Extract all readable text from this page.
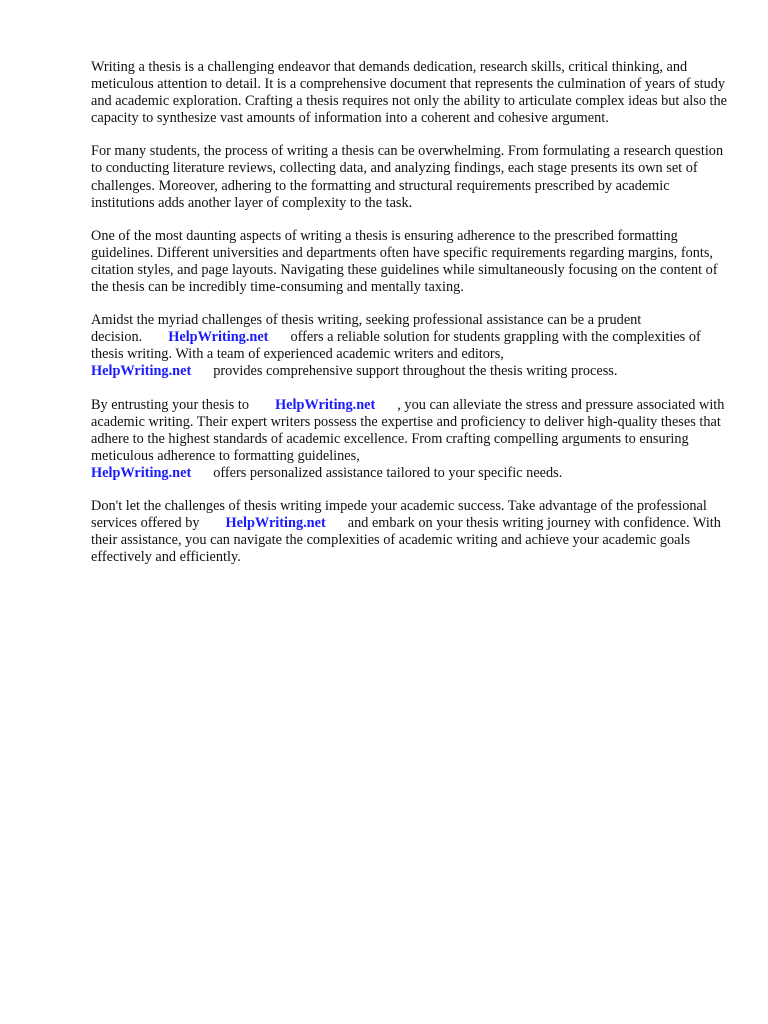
Writing a thesis is a challenging endeavor that demands dedication, research skills, critical thinking, and meticulous attention to detail. It is a comprehensive document that represents the culmination of years of study and academic exploration. Crafting a thesis requires not only the ability to articulate complex ideas but also the capacity to synthesize vast amounts of information into a coherent and cohesive argument.

For many students, the process of writing a thesis can be overwhelming. From formulating a research question to conducting literature reviews, collecting data, and analyzing findings, each stage presents its own set of challenges. Moreover, adhering to the formatting and structural requirements prescribed by academic institutions adds another layer of complexity to the task.

One of the most daunting aspects of writing a thesis is ensuring adherence to the prescribed formatting guidelines. Different universities and departments often have specific requirements regarding margins, fonts, citation styles, and page layouts. Navigating these guidelines while simultaneously focusing on the content of the thesis can be incredibly time-consuming and mentally taxing.

Amidst the myriad challenges of thesis writing, seeking professional assistance can be a prudent decision. HelpWriting.net offers a reliable solution for students grappling with the complexities of thesis writing. With a team of experienced academic writers and editors,
HelpWriting.net provides comprehensive support throughout the thesis writing process.

By entrusting your thesis to HelpWriting.net , you can alleviate the stress and pressure associated with academic writing. Their expert writers possess the expertise and proficiency to deliver high-quality theses that adhere to the highest standards of academic excellence. From crafting compelling arguments to ensuring meticulous adherence to formatting guidelines,
HelpWriting.net offers personalized assistance tailored to your specific needs.

Don't let the challenges of thesis writing impede your academic success. Take advantage of the professional services offered by HelpWriting.net and embark on your thesis writing journey with confidence. With their assistance, you can navigate the complexities of academic writing and achieve your academic goals effectively and efficiently.
